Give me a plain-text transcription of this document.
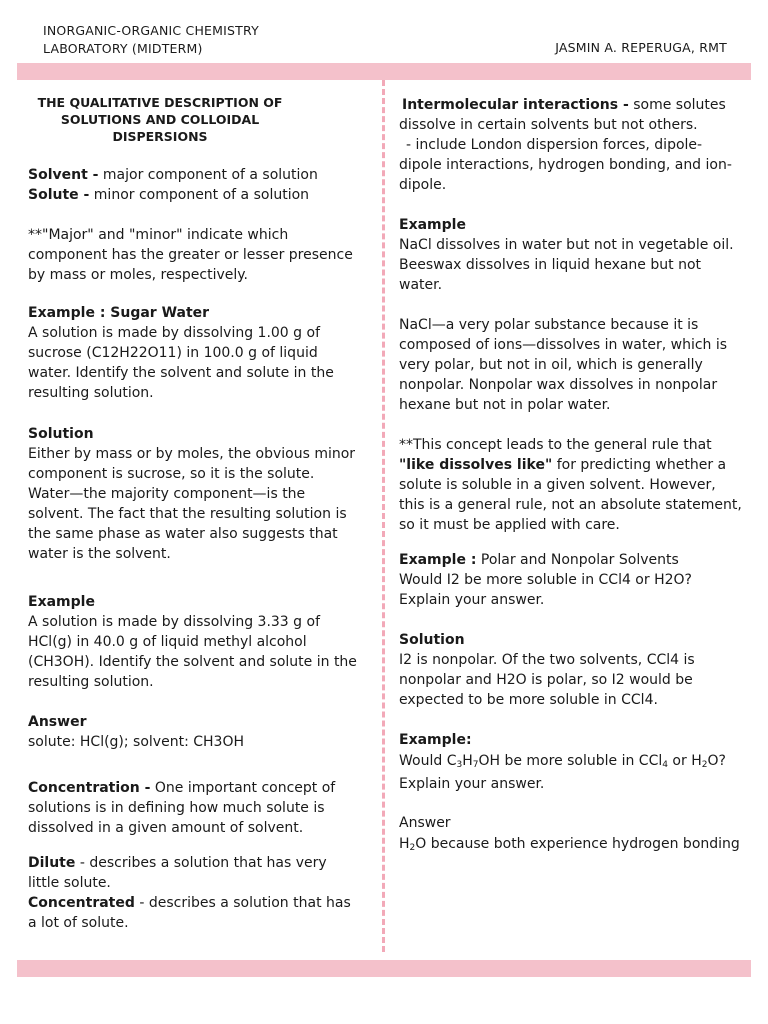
INORGANIC-ORGANIC CHEMISTRY
LABORATORY (MIDTERM)	JASMIN A. REPERUGA, RMT
THE QUALITATIVE DESCRIPTION OF
SOLUTIONS AND COLLOIDAL
DISPERSIONS

Solvent - major component of a solution

Solute - minor component of a solution

**"Major" and "minor" indicate which component has the greater or lesser presence by mass or moles, respectively.

Example : Sugar Water

A solution is made by dissolving 1.00 g of sucrose (C12H22O11) in 100.0 g of liquid water. Identify the solvent and solute in the resulting solution.

Solution

Either by mass or by moles, the obvious minor component is sucrose, so it is the solute. Water—the majority component—is the solvent. The fact that the resulting solution is the same phase as water also suggests that water is the solvent.

Example

A solution is made by dissolving 3.33 g of HCl(g) in 40.0 g of liquid methyl alcohol (CH3OH). Identify the solvent and solute in the resulting solution.

Answer

solute: HCl(g); solvent: CH3OH

Concentration - One important concept of solutions is in defining how much solute is dissolved in a given amount of solvent.

Dilute - describes a solution that has very little solute.

Concentrated - describes a solution that has a lot of solute.

Intermolecular interactions - some solutes dissolve in certain solvents but not others.

- include London dispersion forces, dipole-dipole interactions, hydrogen bonding, and ion-dipole.

Example

NaCl dissolves in water but not in vegetable oil. Beeswax dissolves in liquid hexane but not water.

NaCl—a very polar substance because it is composed of ions—dissolves in water, which is very polar, but not in oil, which is generally nonpolar. Nonpolar wax dissolves in nonpolar hexane but not in polar water.

**This concept leads to the general rule that "like dissolves like" for predicting whether a solute is soluble in a given solvent. However, this is a general rule, not an absolute statement, so it must be applied with care.

Example : Polar and Nonpolar Solvents

Would I2 be more soluble in CCl4 or H2O? Explain your answer.

Solution

I2 is nonpolar. Of the two solvents, CCl4 is nonpolar and H2O is polar, so I2 would be expected to be more soluble in CCl4.

Example:

Would $C_3H_7OH$ be more soluble in CCl$_4$ or $H_2O$?
Explain your answer.

Answer

$H_2O$ because both experience hydrogen bonding
